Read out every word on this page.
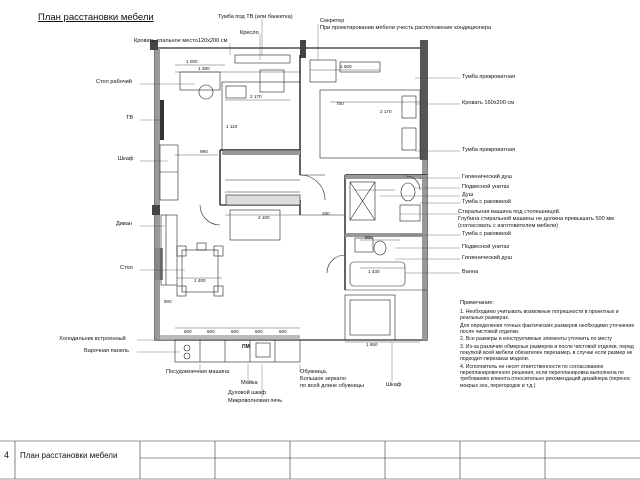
План расстановки мебели	Тумба под ТВ (или банкетка)
Секретер
При проектировании мебели учесть расположение кондиционера
Кресло
Кровать спальное место120х200 см
Стол рабочий
ТВ
Шкаф
Диван
Стол
Холодильник встроенный
Варочная панель
Посудомоечная машина
Мойка
Духовой шкаф
Микроволновая печь
Обувница.
Большое зеркало
по всей длине обувницы	Шкаф
Тумба прикроватная
Кровать 160х200 см
Тумба прикроватная
Гигиенический душ
Подвесной унитаз
Душ
Тумба с раковиной
Стиральная машина под столешницей.
Глубина стиральной машины не должна превышать 500 мм
(согласовать с изготовителем мебели)
Тумба с раковиной
Подвесной унитаз
Гигиенический душ
Ванна
1 390
1 000
2 170
1 110
990
750
1 000
2 100
2 170
330
1 400
900
600
1 650
1 430
600	600	600	600
600
ПМ
Примечание:

1. Необходимо учитывать возможные погрешности в проектных и реальных размерах.

Для определения точных фактических размеров необходимо уточнение после чистовой отделки.

2. Все размеры и конструктивные элементы уточнить по месту

3. Из-за различия обмерных размеров и после чистовой отделки, перед покупкой всей мебели обязателен перезамер, в случае если размер не подходит-перезаказ модели.

4. Исполнитель не несет ответственности по согласованию перепланировочного решения, если перепланировка выполнена по требованию клиента относительно рекомендаций дизайнера (перенос мокрых зон, перегородок и т.д.)

4 План расстановки мебели
